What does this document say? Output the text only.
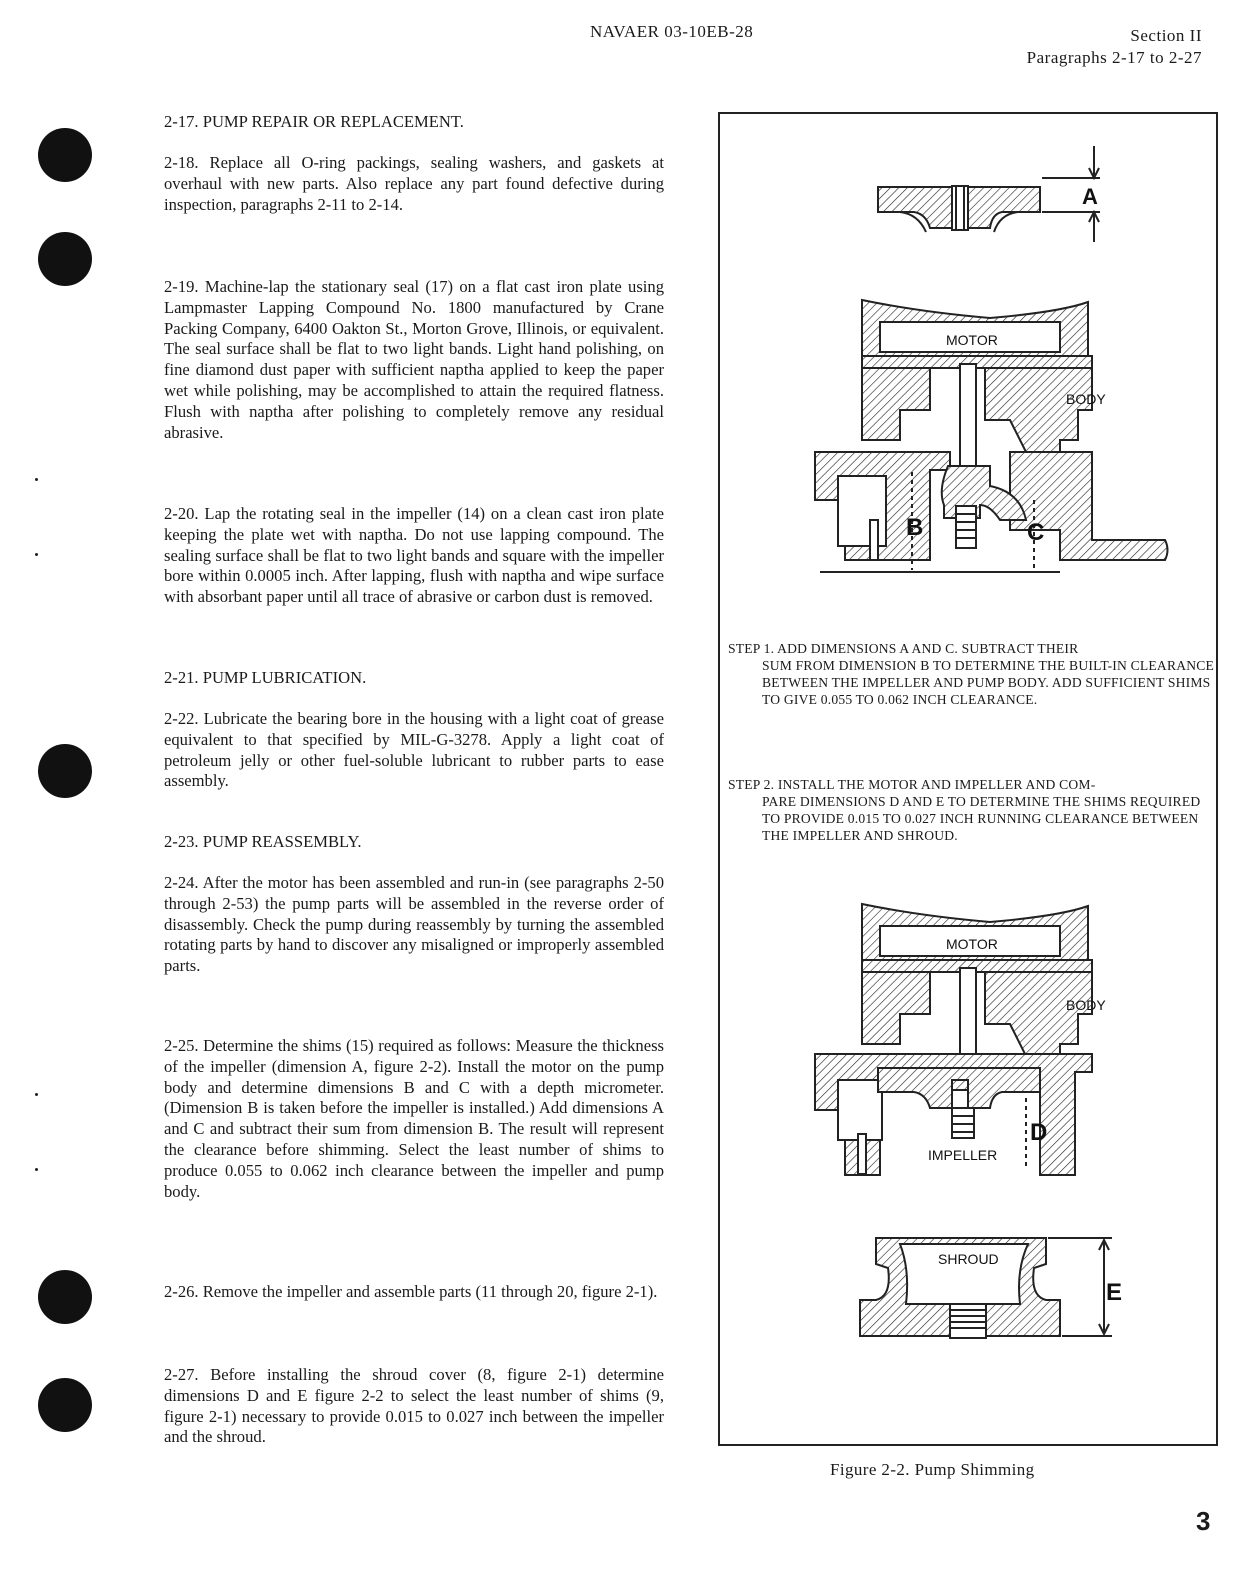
NAVAER 03-10EB-28	Section II
Paragraphs 2-17 to 2-27
2-17. PUMP REPAIR OR REPLACEMENT.

2-18. Replace all O-ring packings, sealing washers, and gaskets at overhaul with new parts. Also replace any part found defective during inspection, paragraphs 2-11 to 2-14.

2-19. Machine-lap the stationary seal (17) on a flat cast iron plate using Lampmaster Lapping Compound No. 1800 manufactured by Crane Packing Company, 6400 Oakton St., Morton Grove, Illinois, or equivalent. The seal surface shall be flat to two light bands. Light hand polishing, on fine diamond dust paper with sufficient naptha applied to keep the paper wet while polishing, may be accomplished to attain the required flatness. Flush with naptha after polishing to completely remove any residual abrasive.

2-20. Lap the rotating seal in the impeller (14) on a clean cast iron plate keeping the plate wet with naptha. Do not use lapping compound. The sealing surface shall be flat to two light bands and square with the impeller bore within 0.0005 inch. After lapping, flush with naptha and wipe surface with absorbant paper until all trace of abrasive or carbon dust is removed.

2-21. PUMP LUBRICATION.

2-22. Lubricate the bearing bore in the housing with a light coat of grease equivalent to that specified by MIL-G-3278. Apply a light coat of petroleum jelly or other fuel-soluble lubricant to rubber parts to ease assembly.

2-23. PUMP REASSEMBLY.

2-24. After the motor has been assembled and run-in (see paragraphs 2-50 through 2-53) the pump parts will be assembled in the reverse order of disassembly. Check the pump during reassembly by turning the assembled rotating parts by hand to discover any misaligned or improperly assembled parts.

2-25. Determine the shims (15) required as follows: Measure the thickness of the impeller (dimension A, figure 2-2). Install the motor on the pump body and determine dimensions B and C with a depth micrometer. (Dimension B is taken before the impeller is installed.) Add dimensions A and C and subtract their sum from dimension B. The result will represent the clearance before shimming. Select the least number of shims to produce 0.055 to 0.062 inch clearance between the impeller and pump body.

2-26. Remove the impeller and assemble parts (11 through 20, figure 2-1).

2-27. Before installing the shroud cover (8, figure 2-1) determine dimensions D and E figure 2-2 to select the least number of shims (9, figure 2-1) necessary to provide 0.015 to 0.027 inch between the impeller and the shroud.

A
MOTOR
BODY
B	C
MOTOR
BODY
D
IMPELLER
SHROUD
E

STEP 1. ADD DIMENSIONS A AND C. SUBTRACT THEIR

SUM FROM DIMENSION B TO DETERMINE THE BUILT-IN CLEARANCE BETWEEN THE IMPELLER AND PUMP BODY. ADD SUFFICIENT SHIMS TO GIVE 0.055 TO 0.062 INCH CLEARANCE.

STEP 2. INSTALL THE MOTOR AND IMPELLER AND COM-

PARE DIMENSIONS D AND E TO DETERMINE THE SHIMS REQUIRED TO PROVIDE 0.015 TO 0.027 INCH RUNNING CLEARANCE BETWEEN THE IMPELLER AND SHROUD.

Figure 2-2. Pump Shimming
3
